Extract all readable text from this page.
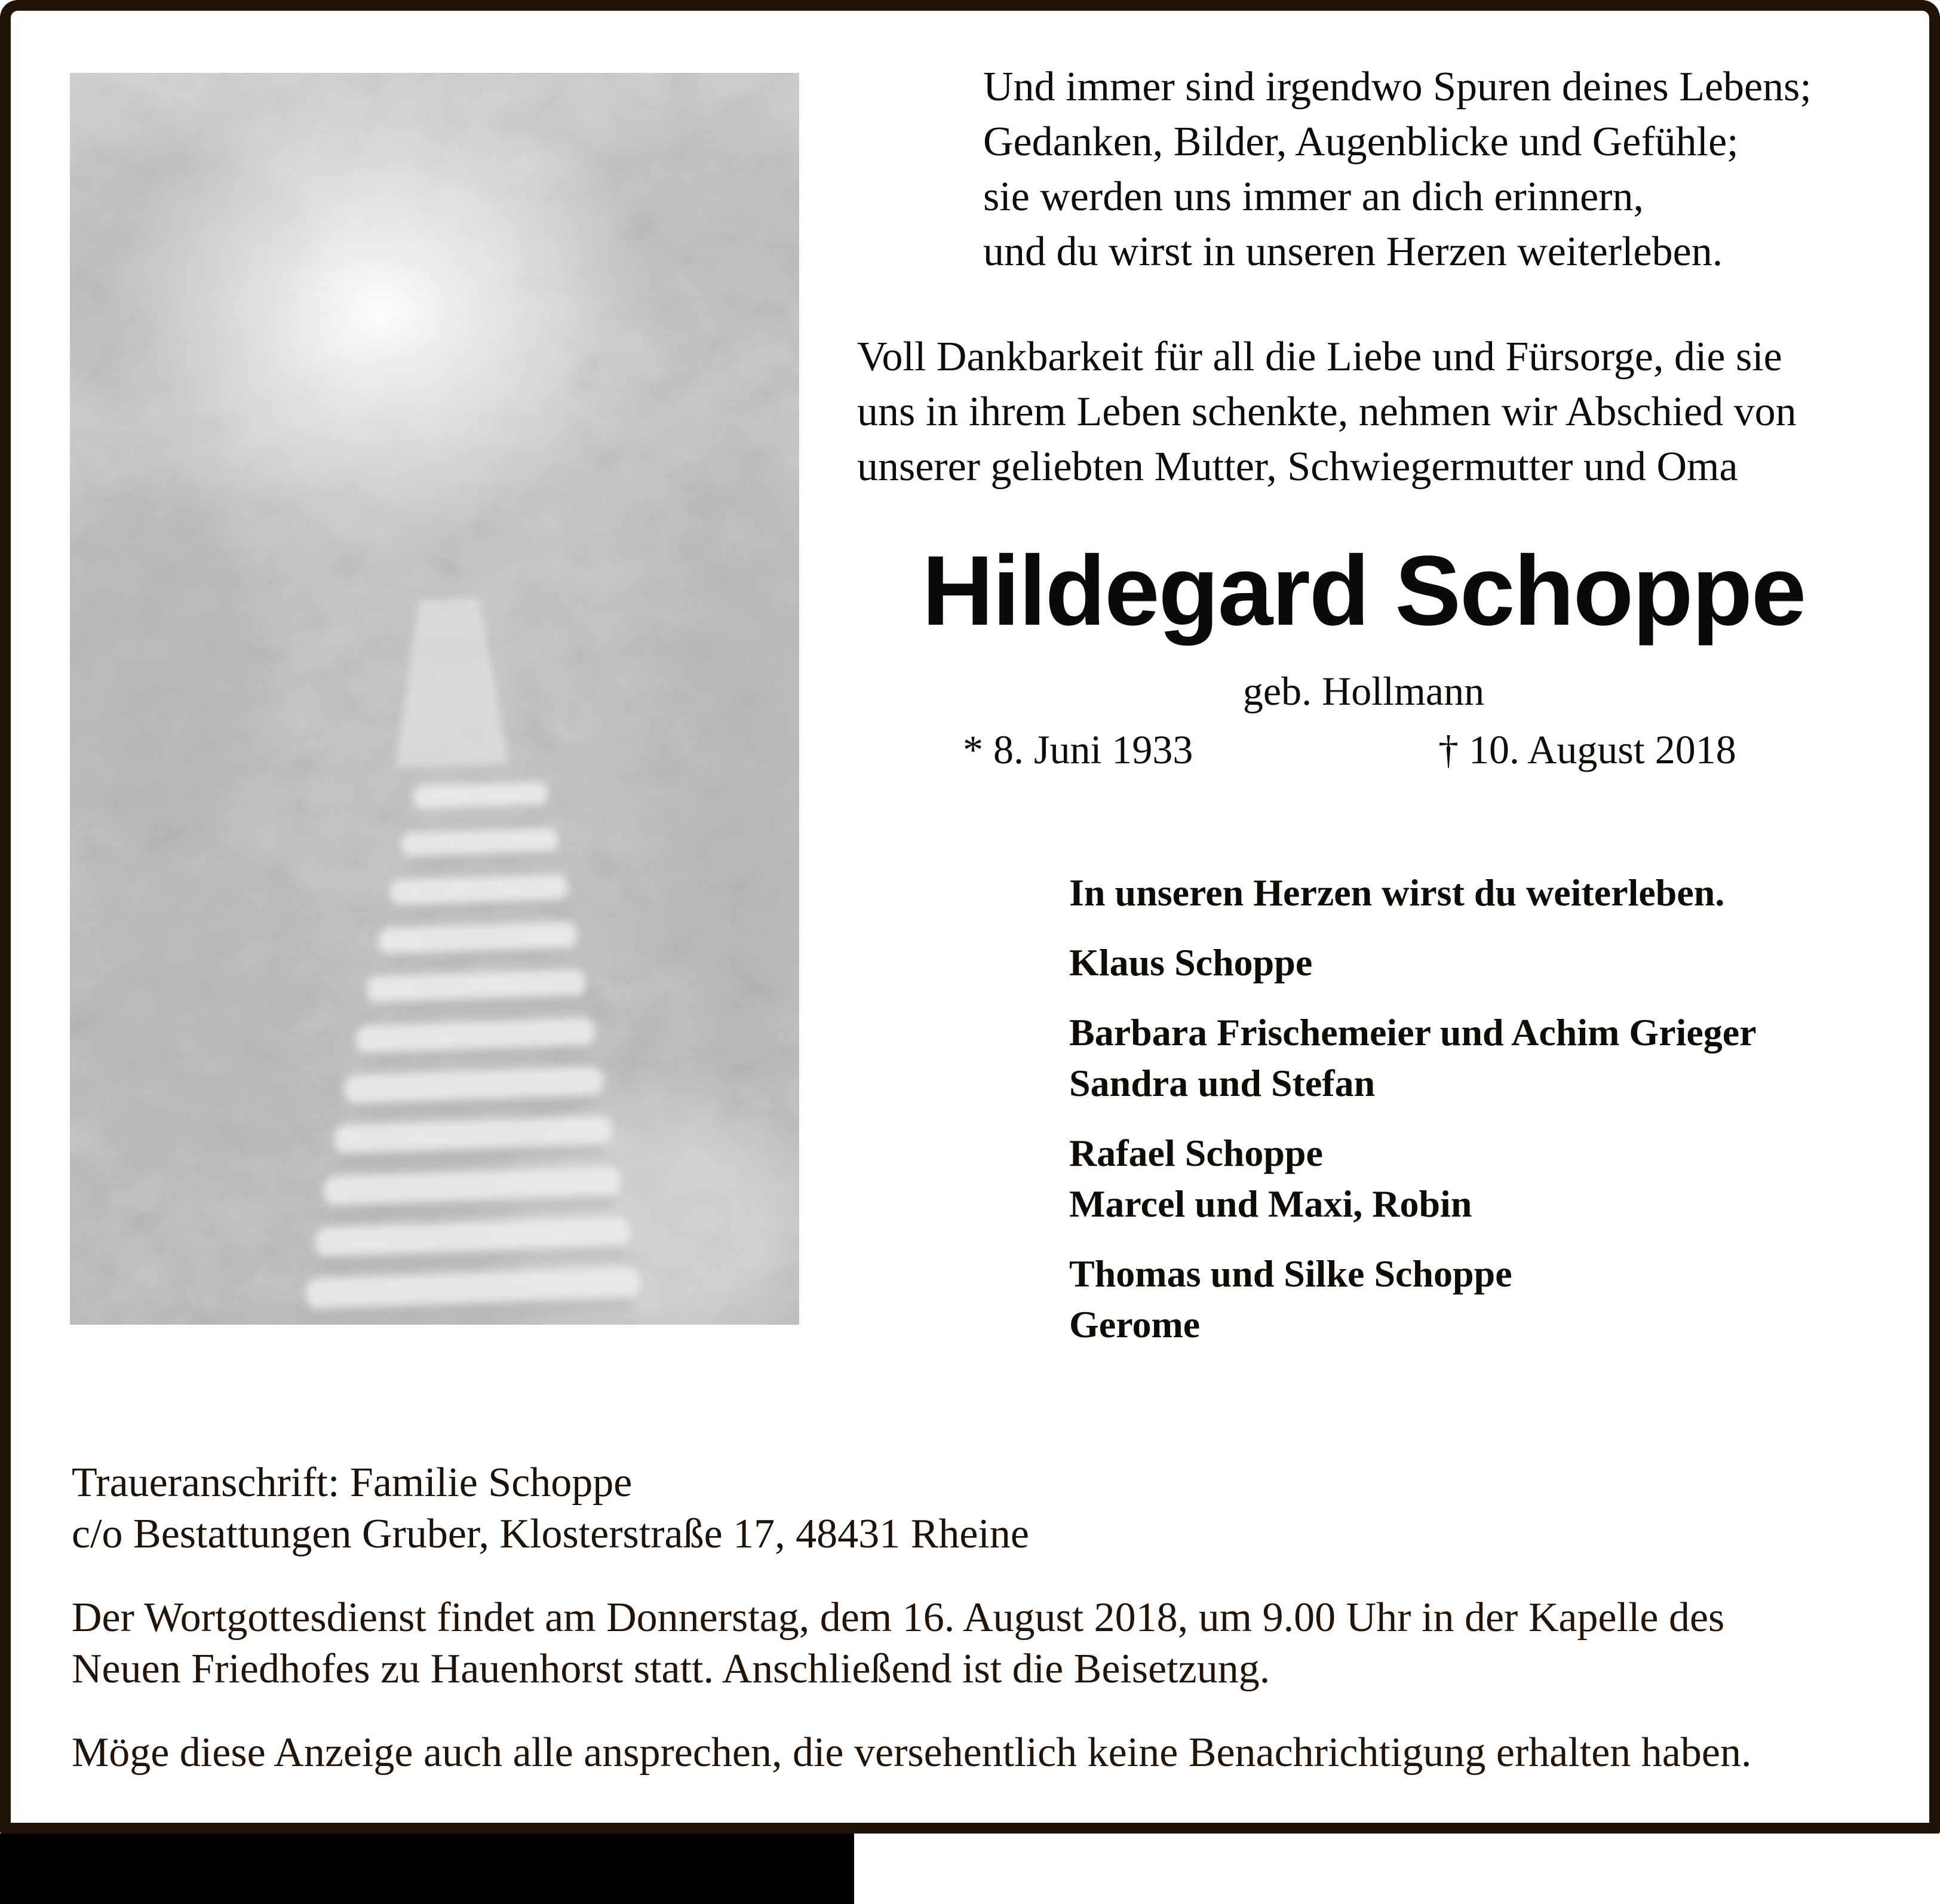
Und immer sind irgendwo Spuren deines Lebens;
Gedanken, Bilder, Augenblicke und Gefühle;
sie werden uns immer an dich erinnern,
und du wirst in unseren Herzen weiterleben.
Voll Dankbarkeit für all die Liebe und Fürsorge, die sie
uns in ihrem Leben schenkte, nehmen wir Abschied von
unserer geliebten Mutter, Schwiegermutter und Oma
Hildegard Schoppe
geb. Hollmann
* 8. Juni 1933	† 10. August 2018
In unseren Herzen wirst du weiterleben.
Klaus Schoppe
Barbara Frischemeier und Achim Grieger
Sandra und Stefan
Rafael Schoppe
Marcel und Maxi, Robin
Thomas und Silke Schoppe
Gerome
Traueranschrift: Familie Schoppe
c/o Bestattungen Gruber, Klosterstraße 17, 48431 Rheine
Der Wortgottesdienst findet am Donnerstag, dem 16. August 2018, um 9.00 Uhr in der Kapelle des
Neuen Friedhofes zu Hauenhorst statt. Anschließend ist die Beisetzung.
Möge diese Anzeige auch alle ansprechen, die versehentlich keine Benachrichtigung erhalten haben.
